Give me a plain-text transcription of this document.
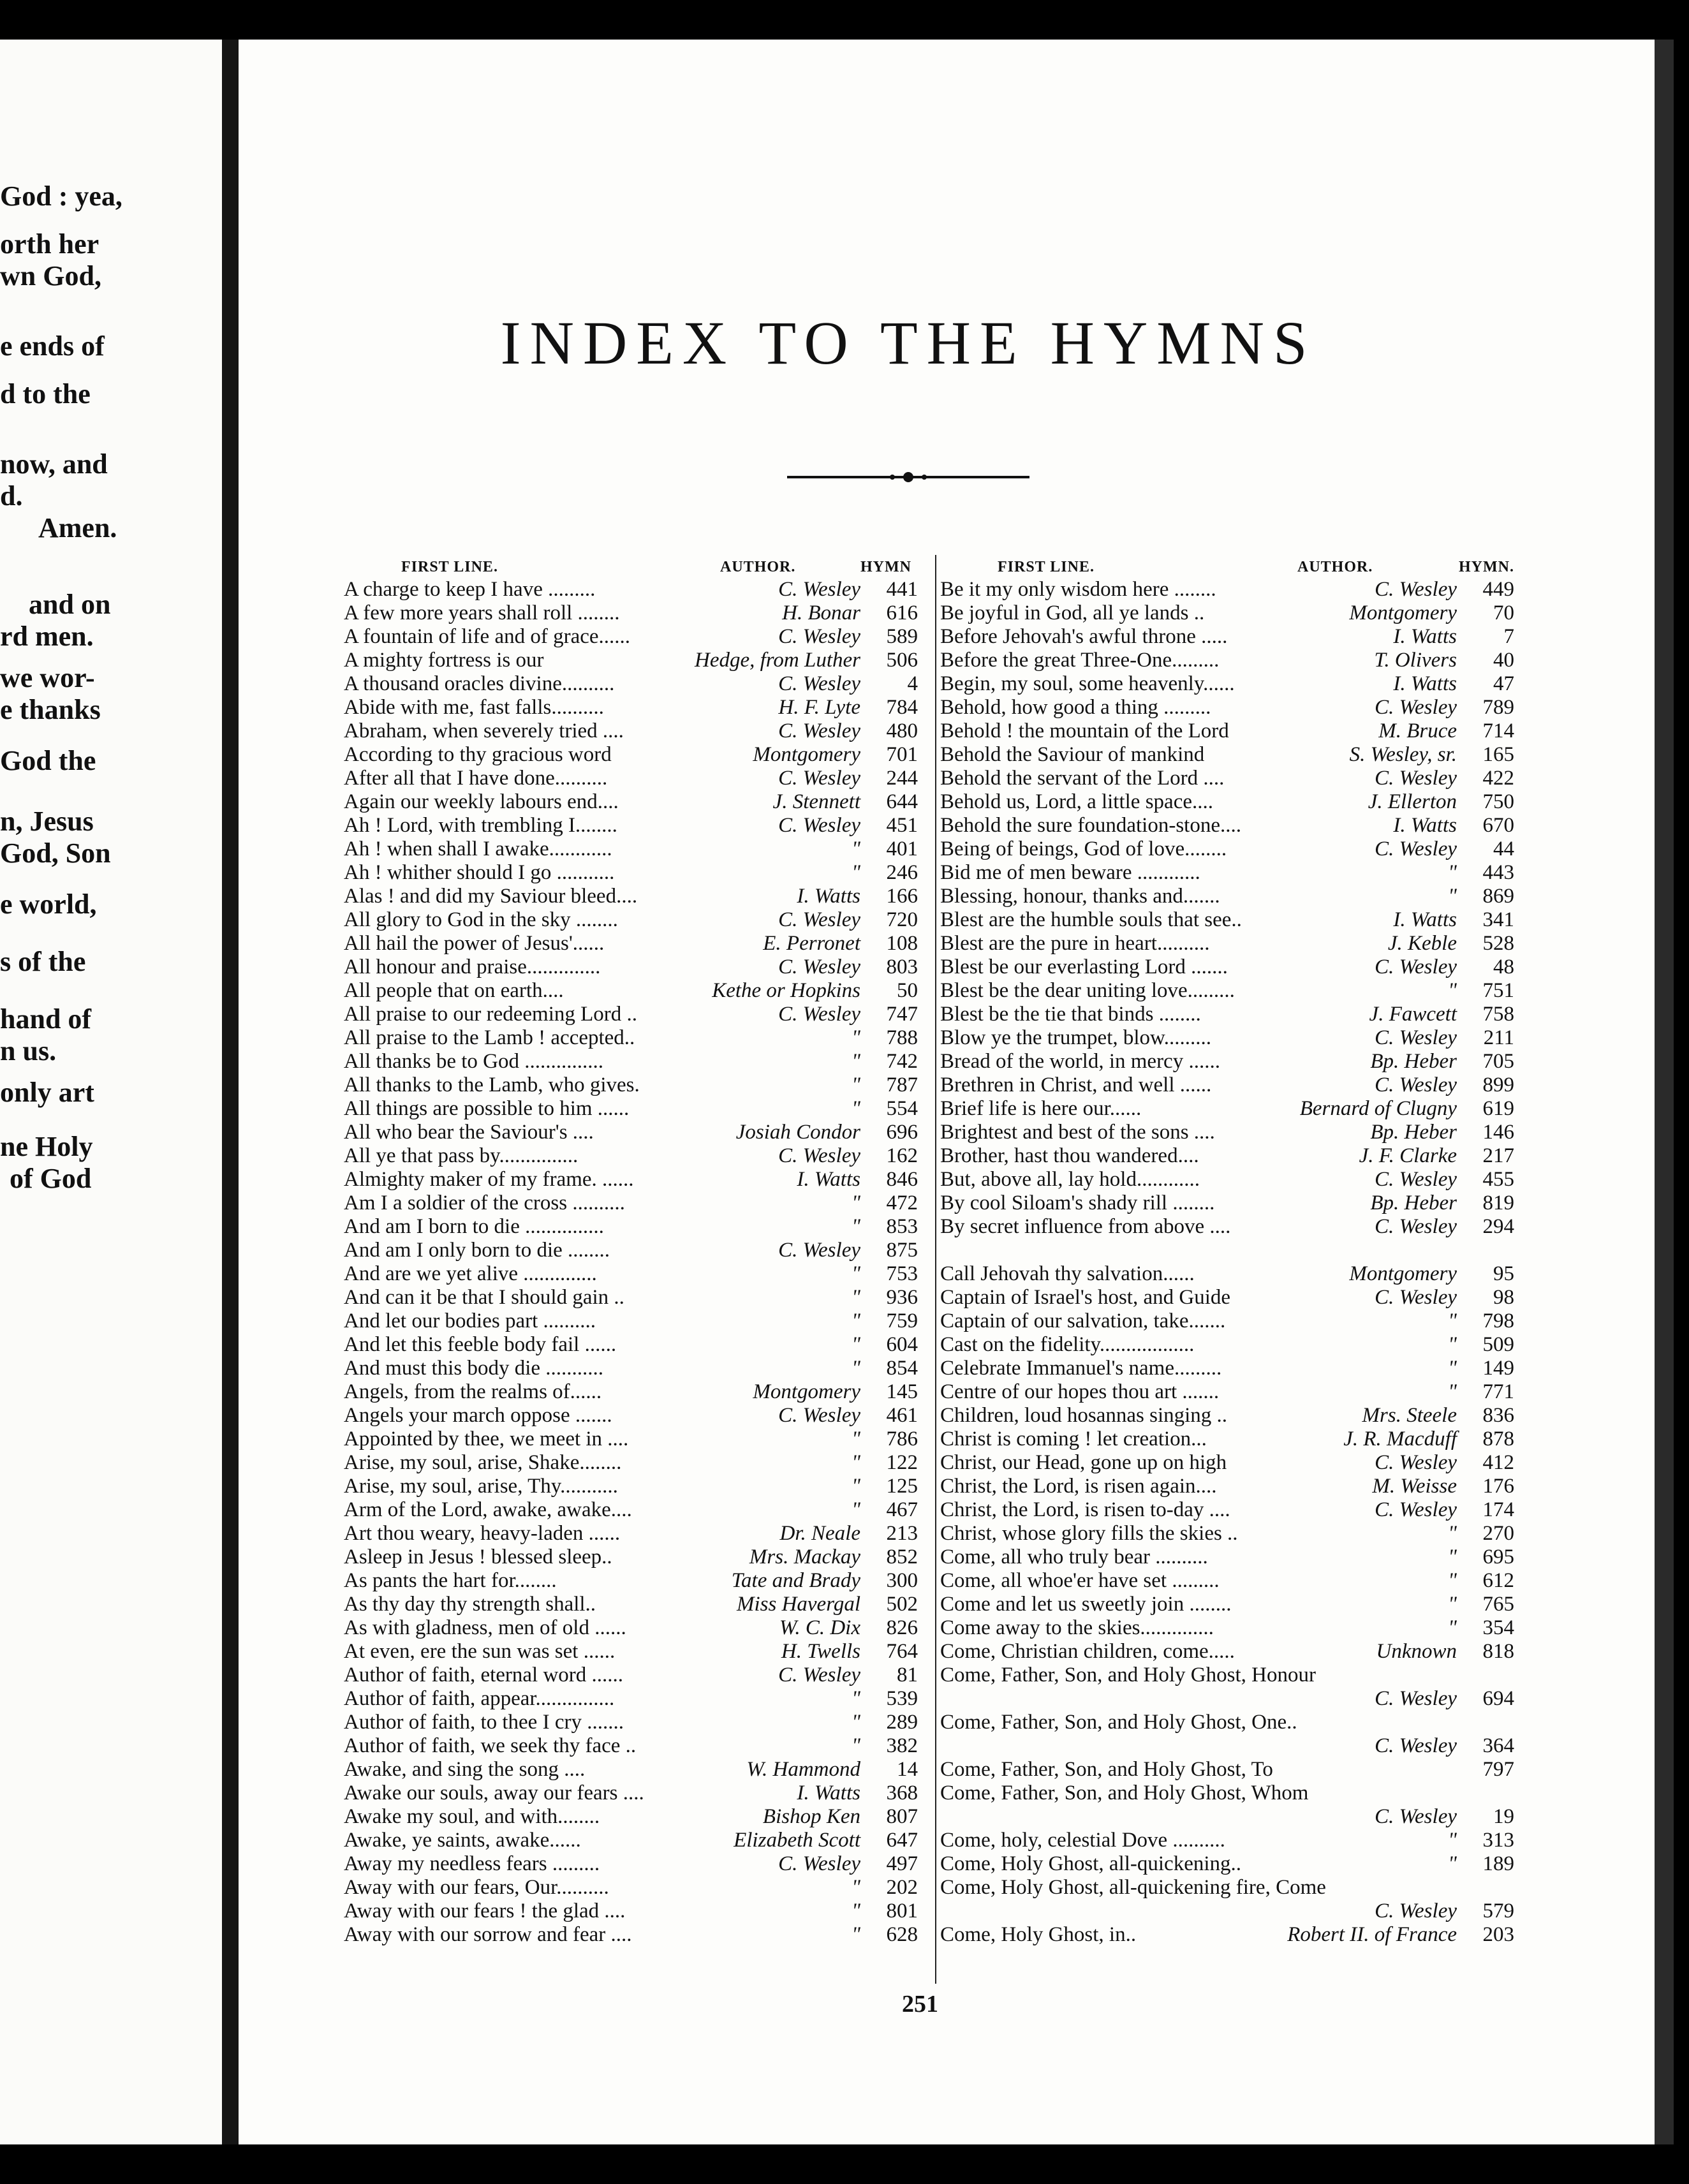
God : yea,
orth her
wn God,
e ends of
d to the
now, and
d.
Amen.
and on
rd men.
we wor-
e thanks
God the
n, Jesus
God, Son
e world,
s of the
hand of
n us.
only art
ne Holy
of God
INDEX TO THE HYMNS
FIRST LINE.	AUTHOR.	HYMN
A charge to keep I have .........	C. Wesley	441
A few more years shall roll ........	H. Bonar	616
A fountain of life and of grace......	C. Wesley	589
A mighty fortress is our	Hedge, from Luther	506
A thousand oracles divine..........	C. Wesley	4
Abide with me, fast falls..........	H. F. Lyte	784
Abraham, when severely tried ....	C. Wesley	480
According to thy gracious word	Montgomery	701
After all that I have done..........	C. Wesley	244
Again our weekly labours end....	J. Stennett	644
Ah ! Lord, with trembling I........	C. Wesley	451
Ah ! when shall I awake............	"	401
Ah ! whither should I go ...........	"	246
Alas ! and did my Saviour bleed....	I. Watts	166
All glory to God in the sky ........	C. Wesley	720
All hail the power of Jesus'......	E. Perronet	108
All honour and praise..............	C. Wesley	803
All people that on earth....	Kethe or Hopkins	50
All praise to our redeeming Lord ..	C. Wesley	747
All praise to the Lamb ! accepted..	"	788
All thanks be to God ...............	"	742
All thanks to the Lamb, who gives.	"	787
All things are possible to him ......	"	554
All who bear the Saviour's ....	Josiah Condor	696
All ye that pass by...............	C. Wesley	162
Almighty maker of my frame. ......	I. Watts	846
Am I a soldier of the cross ..........	"	472
And am I born to die ...............	"	853
And am I only born to die ........	C. Wesley	875
And are we yet alive ..............	"	753
And can it be that I should gain ..	"	936
And let our bodies part ..........	"	759
And let this feeble body fail ......	"	604
And must this body die ...........	"	854
Angels, from the realms of......	Montgomery	145
Angels your march oppose .......	C. Wesley	461
Appointed by thee, we meet in ....	"	786
Arise, my soul, arise, Shake........	"	122
Arise, my soul, arise, Thy...........	"	125
Arm of the Lord, awake, awake....	"	467
Art thou weary, heavy-laden ......	Dr. Neale	213
Asleep in Jesus ! blessed sleep..	Mrs. Mackay	852
As pants the hart for........	Tate and Brady	300
As thy day thy strength shall..	Miss Havergal	502
As with gladness, men of old ......	W. C. Dix	826
At even, ere the sun was set ......	H. Twells	764
Author of faith, eternal word ......	C. Wesley	81
Author of faith, appear...............	"	539
Author of faith, to thee I cry .......	"	289
Author of faith, we seek thy face ..	"	382
Awake, and sing the song ....	W. Hammond	14
Awake our souls, away our fears ....	I. Watts	368
Awake my soul, and with........	Bishop Ken	807
Awake, ye saints, awake......	Elizabeth Scott	647
Away my needless fears .........	C. Wesley	497
Away with our fears, Our..........	"	202
Away with our fears ! the glad ....	"	801
Away with our sorrow and fear ....	"	628
FIRST LINE.	AUTHOR.	HYMN.
Be it my only wisdom here ........	C. Wesley	449
Be joyful in God, all ye lands ..	Montgomery	70
Before Jehovah's awful throne .....	I. Watts	7
Before the great Three-One.........	T. Olivers	40
Begin, my soul, some heavenly......	I. Watts	47
Behold, how good a thing .........	C. Wesley	789
Behold ! the mountain of the Lord	M. Bruce	714
Behold the Saviour of mankind	S. Wesley, sr.	165
Behold the servant of the Lord ....	C. Wesley	422
Behold us, Lord, a little space....	J. Ellerton	750
Behold the sure foundation-stone....	I. Watts	670
Being of beings, God of love........	C. Wesley	44
Bid me of men beware ............	"	443
Blessing, honour, thanks and.......	"	869
Blest are the humble souls that see..	I. Watts	341
Blest are the pure in heart..........	J. Keble	528
Blest be our everlasting Lord .......	C. Wesley	48
Blest be the dear uniting love.........	"	751
Blest be the tie that binds ........	J. Fawcett	758
Blow ye the trumpet, blow.........	C. Wesley	211
Bread of the world, in mercy ......	Bp. Heber	705
Brethren in Christ, and well ......	C. Wesley	899
Brief life is here our......	Bernard of Clugny	619
Brightest and best of the sons ....	Bp. Heber	146
Brother, hast thou wandered....	J. F. Clarke	217
But, above all, lay hold............	C. Wesley	455
By cool Siloam's shady rill ........	Bp. Heber	819
By secret influence from above ....	C. Wesley	294
Call Jehovah thy salvation......	Montgomery	95
Captain of Israel's host, and Guide	C. Wesley	98
Captain of our salvation, take.......	"	798
Cast on the fidelity..................	"	509
Celebrate Immanuel's name.........	"	149
Centre of our hopes thou art .......	"	771
Children, loud hosannas singing ..	Mrs. Steele	836
Christ is coming ! let creation...	J. R. Macduff	878
Christ, our Head, gone up on high	C. Wesley	412
Christ, the Lord, is risen again....	M. Weisse	176
Christ, the Lord, is risen to-day ....	C. Wesley	174
Christ, whose glory fills the skies ..	"	270
Come, all who truly bear ..........	"	695
Come, all whoe'er have set .........	"	612
Come and let us sweetly join ........	"	765
Come away to the skies..............	"	354
Come, Christian children, come.....	Unknown	818
Come, Father, Son, and Holy Ghost, Honour
C. Wesley	694
Come, Father, Son, and Holy Ghost, One..
C. Wesley	364
Come, Father, Son, and Holy Ghost, To	797
Come, Father, Son, and Holy Ghost, Whom
C. Wesley	19
Come, holy, celestial Dove ..........	"	313
Come, Holy Ghost, all-quickening..	"	189
Come, Holy Ghost, all-quickening fire, Come
C. Wesley	579
Come, Holy Ghost, in..	Robert II. of France	203
251
